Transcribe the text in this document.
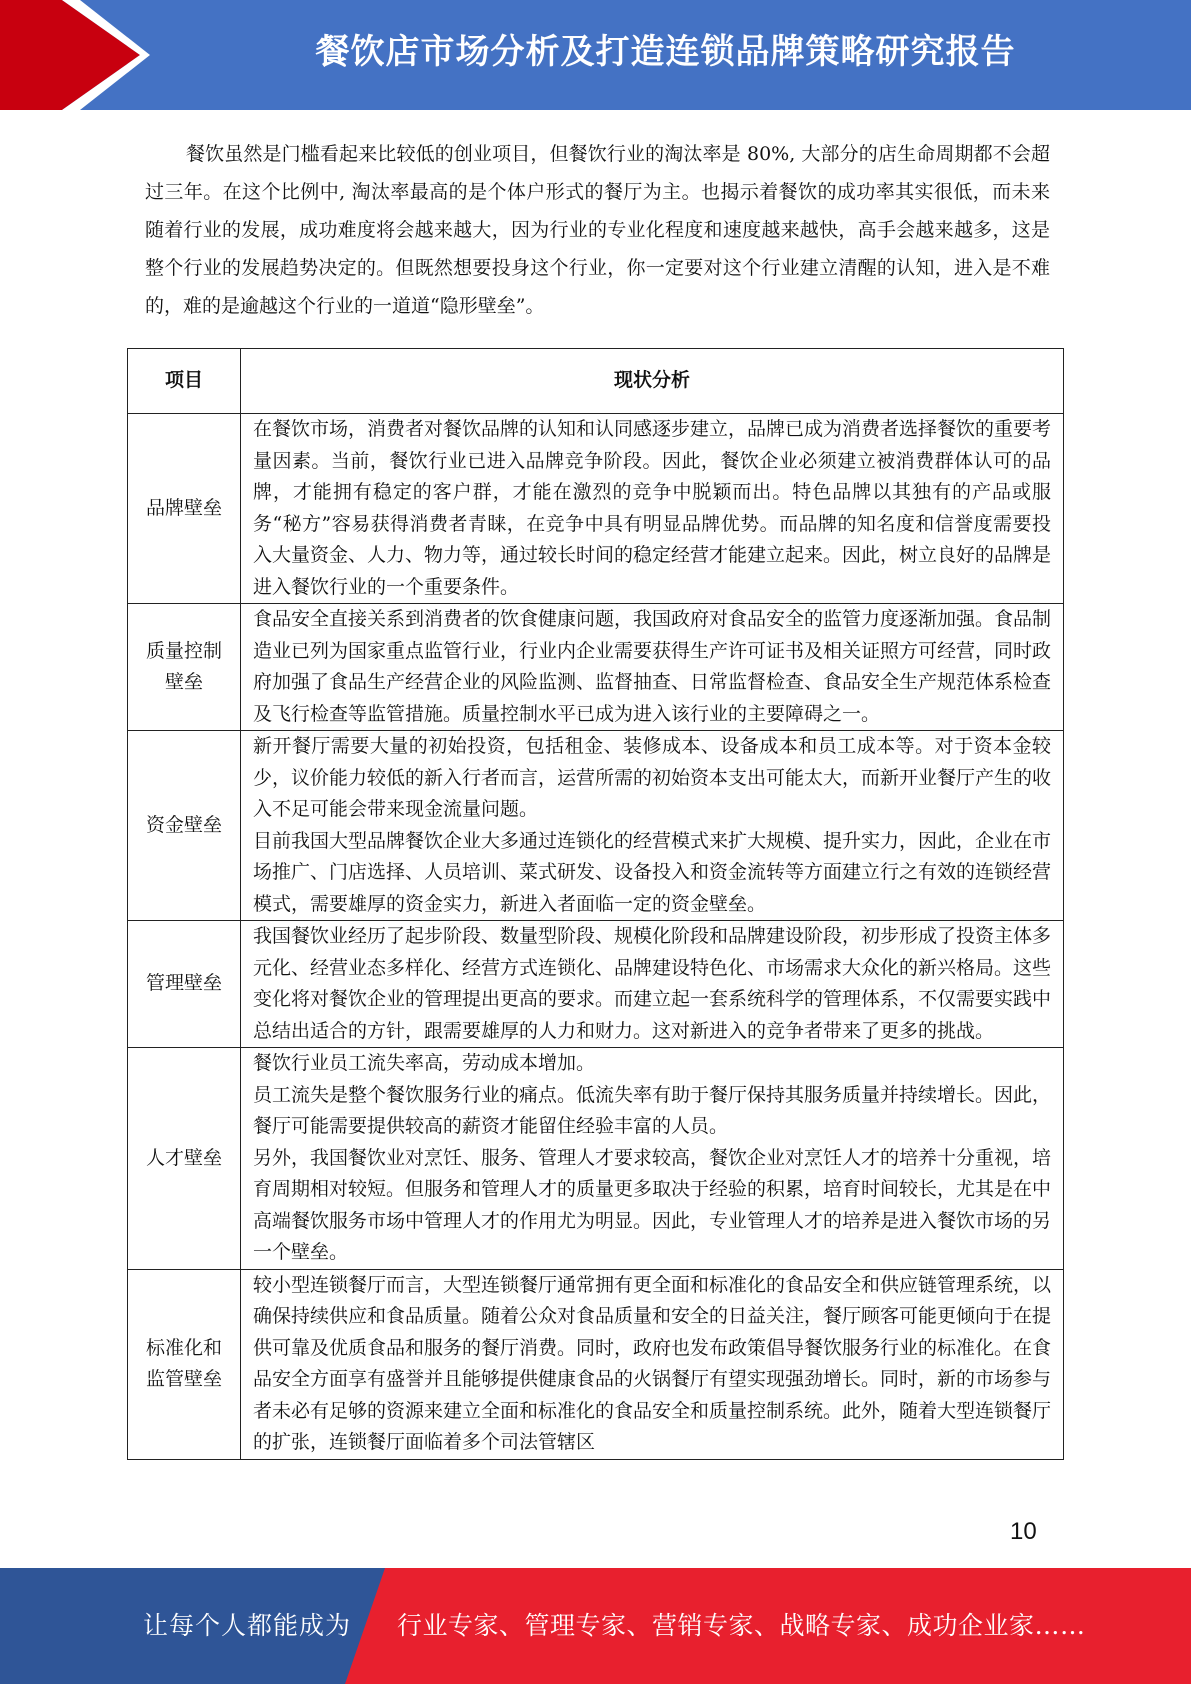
餐饮店市场分析及打造连锁品牌策略研究报告

餐饮虽然是门槛看起来比较低的创业项目，但餐饮行业的淘汰率是 80%, 大部分的店生命周期都不会超过三年。在这个比例中, 淘汰率最高的是个体户形式的餐厅为主。也揭示着餐饮的成功率其实很低，而未来随着行业的发展，成功难度将会越来越大，因为行业的专业化程度和速度越来越快，高手会越来越多，这是整个行业的发展趋势决定的。但既然想要投身这个行业，你一定要对这个行业建立清醒的认知，进入是不难的，难的是逾越这个行业的一道道“隐形壁垒”。

项目	现状分析
品牌壁垒	在餐饮市场，消费者对餐饮品牌的认知和认同感逐步建立，品牌已成为消费者选择餐饮的重要考量因素。当前，餐饮行业已进入品牌竞争阶段。因此，餐饮企业必须建立被消费群体认可的品牌，才能拥有稳定的客户群，才能在激烈的竞争中脱颖而出。特色品牌以其独有的产品或服务“秘方”容易获得消费者青睐，在竞争中具有明显品牌优势。而品牌的知名度和信誉度需要投入大量资金、人力、物力等，通过较长时间的稳定经营才能建立起来。因此，树立良好的品牌是进入餐饮行业的一个重要条件。

质量控制壁垒	食品安全直接关系到消费者的饮食健康问题，我国政府对食品安全的监管力度逐渐加强。食品制造业已列为国家重点监管行业，行业内企业需要获得生产许可证书及相关证照方可经营，同时政府加强了食品生产经营企业的风险监测、监督抽查、日常监督检查、食品安全生产规范体系检查及飞行检查等监管措施。质量控制水平已成为进入该行业的主要障碍之一。

资金壁垒	新开餐厅需要大量的初始投资，包括租金、装修成本、设备成本和员工成本等。对于资本金较少，议价能力较低的新入行者而言，运营所需的初始资本支出可能太大，而新开业餐厅产生的收入不足可能会带来现金流量问题。

目前我国大型品牌餐饮企业大多通过连锁化的经营模式来扩大规模、提升实力，因此，企业在市场推广、门店选择、人员培训、菜式研发、设备投入和资金流转等方面建立行之有效的连锁经营模式，需要雄厚的资金实力，新进入者面临一定的资金壁垒。

管理壁垒	我国餐饮业经历了起步阶段、数量型阶段、规模化阶段和品牌建设阶段，初步形成了投资主体多元化、经营业态多样化、经营方式连锁化、品牌建设特色化、市场需求大众化的新兴格局。这些变化将对餐饮企业的管理提出更高的要求。而建立起一套系统科学的管理体系，不仅需要实践中总结出适合的方针，跟需要雄厚的人力和财力。这对新进入的竞争者带来了更多的挑战。

人才壁垒	餐饮行业员工流失率高，劳动成本增加。

员工流失是整个餐饮服务行业的痛点。低流失率有助于餐厅保持其服务质量并持续增长。因此，餐厅可能需要提供较高的薪资才能留住经验丰富的人员。

另外，我国餐饮业对烹饪、服务、管理人才要求较高，餐饮企业对烹饪人才的培养十分重视，培育周期相对较短。但服务和管理人才的质量更多取决于经验的积累，培育时间较长，尤其是在中高端餐饮服务市场中管理人才的作用尤为明显。因此，专业管理人才的培养是进入餐饮市场的另一个壁垒。

标准化和监管壁垒	较小型连锁餐厅而言，大型连锁餐厅通常拥有更全面和标准化的食品安全和供应链管理系统，以确保持续供应和食品质量。随着公众对食品质量和安全的日益关注，餐厅顾客可能更倾向于在提供可靠及优质食品和服务的餐厅消费。同时，政府也发布政策倡导餐饮服务行业的标准化。在食品安全方面享有盛誉并且能够提供健康食品的火锅餐厅有望实现强劲增长。同时，新的市场参与者未必有足够的资源来建立全面和标准化的食品安全和质量控制系统。此外，随着大型连锁餐厅的扩张，连锁餐厅面临着多个司法管辖区

10
让每个人都能成为 行业专家、管理专家、营销专家、战略专家、成功企业家……
